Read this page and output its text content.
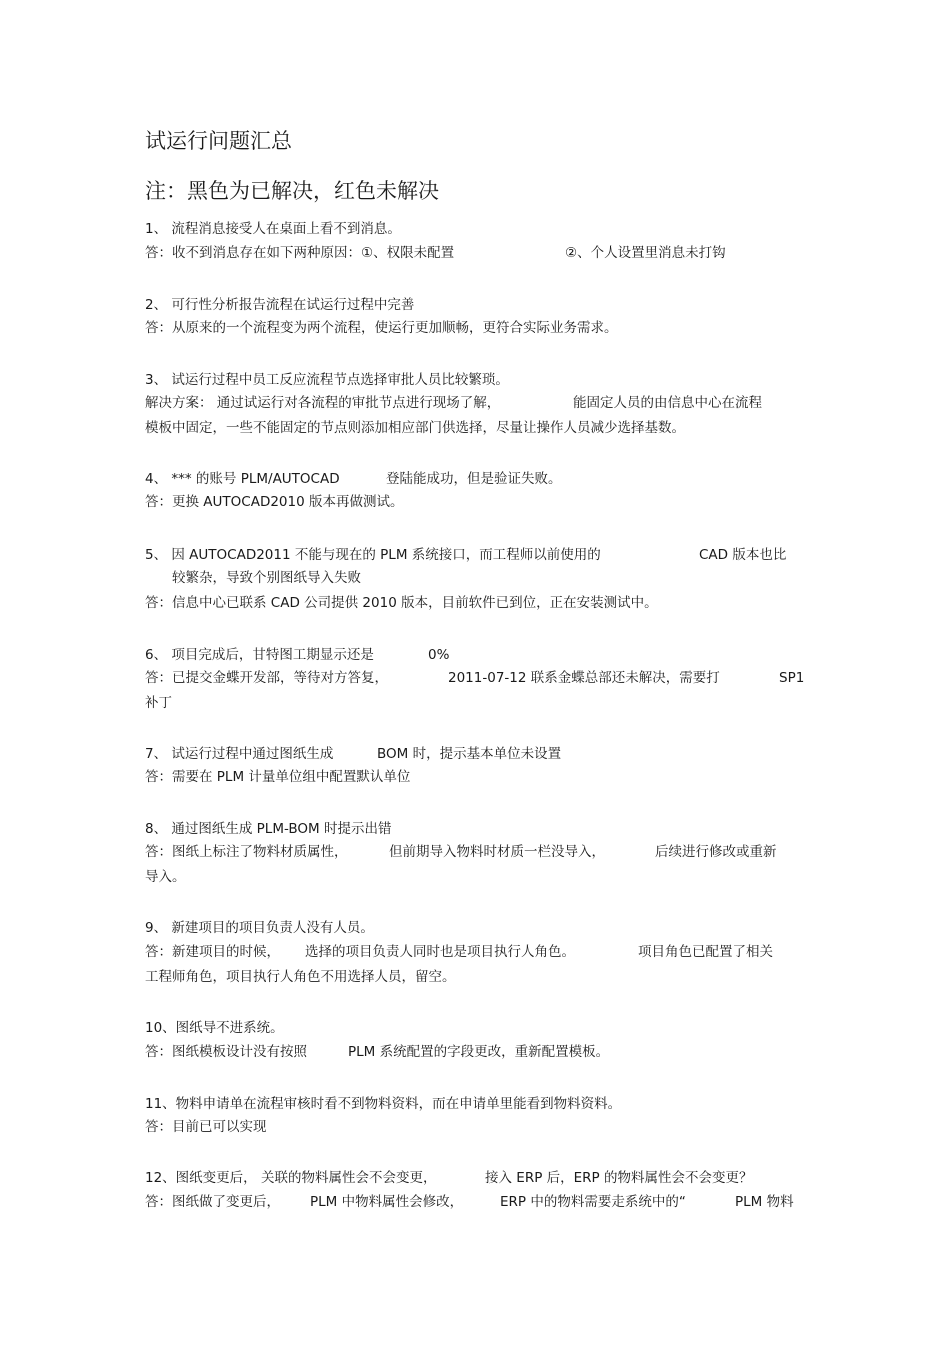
试运行问题汇总
注：黑色为已解决，红色未解决

1、 流程消息接受人在桌面上看不到消息。

答：收不到消息存在如下两种原因：①、权限未配置	②、个人设置里消息未打钩

2、 可行性分析报告流程在试运行过程中完善

答：从原来的一个流程变为两个流程，使运行更加顺畅，更符合实际业务需求。

3、 试运行过程中员工反应流程节点选择审批人员比较繁琐。

解决方案： 通过试运行对各流程的审批节点进行现场了解，	能固定人员的由信息中心在流程

模板中固定，一些不能固定的节点则添加相应部门供选择，尽量让操作人员减少选择基数。

4、 *** 的账号 PLM/AUTOCAD	登陆能成功，但是验证失败。

答：更换 AUTOCAD2010 版本再做测试。

5、 因 AUTOCAD2011 不能与现在的 PLM 系统接口，而工程师以前使用的	CAD 版本也比

较繁杂，导致个别图纸导入失败

答：信息中心已联系 CAD 公司提供 2010 版本，目前软件已到位，正在安装测试中。

6、 项目完成后，甘特图工期显示还是	0%

答：已提交金蝶开发部，等待对方答复，	2011-07-12 联系金蝶总部还未解决，需要打	SP1

补丁

7、 试运行过程中通过图纸生成	BOM 时，提示基本单位未设置

答：需要在 PLM 计量单位组中配置默认单位

8、 通过图纸生成 PLM-BOM 时提示出错

答：图纸上标注了物料材质属性，	但前期导入物料时材质一栏没导入，	后续进行修改或重新

导入。

9、 新建项目的项目负责人没有人员。

答：新建项目的时候， 选择的项目负责人同时也是项目执行人角色。	项目角色已配置了相关

工程师角色，项目执行人角色不用选择人员，留空。

10、图纸导不进系统。

答：图纸模板设计没有按照	PLM 系统配置的字段更改，重新配置模板。

11、物料申请单在流程审核时看不到物料资料，而在申请单里能看到物料资料。

答：目前已可以实现

12、图纸变更后， 关联的物料属性会不会变更，	接入 ERP 后，ERP 的物料属性会不会变更？

答：图纸做了变更后， PLM 中物料属性会修改，	ERP 中的物料需要走系统中的“	PLM 物料
